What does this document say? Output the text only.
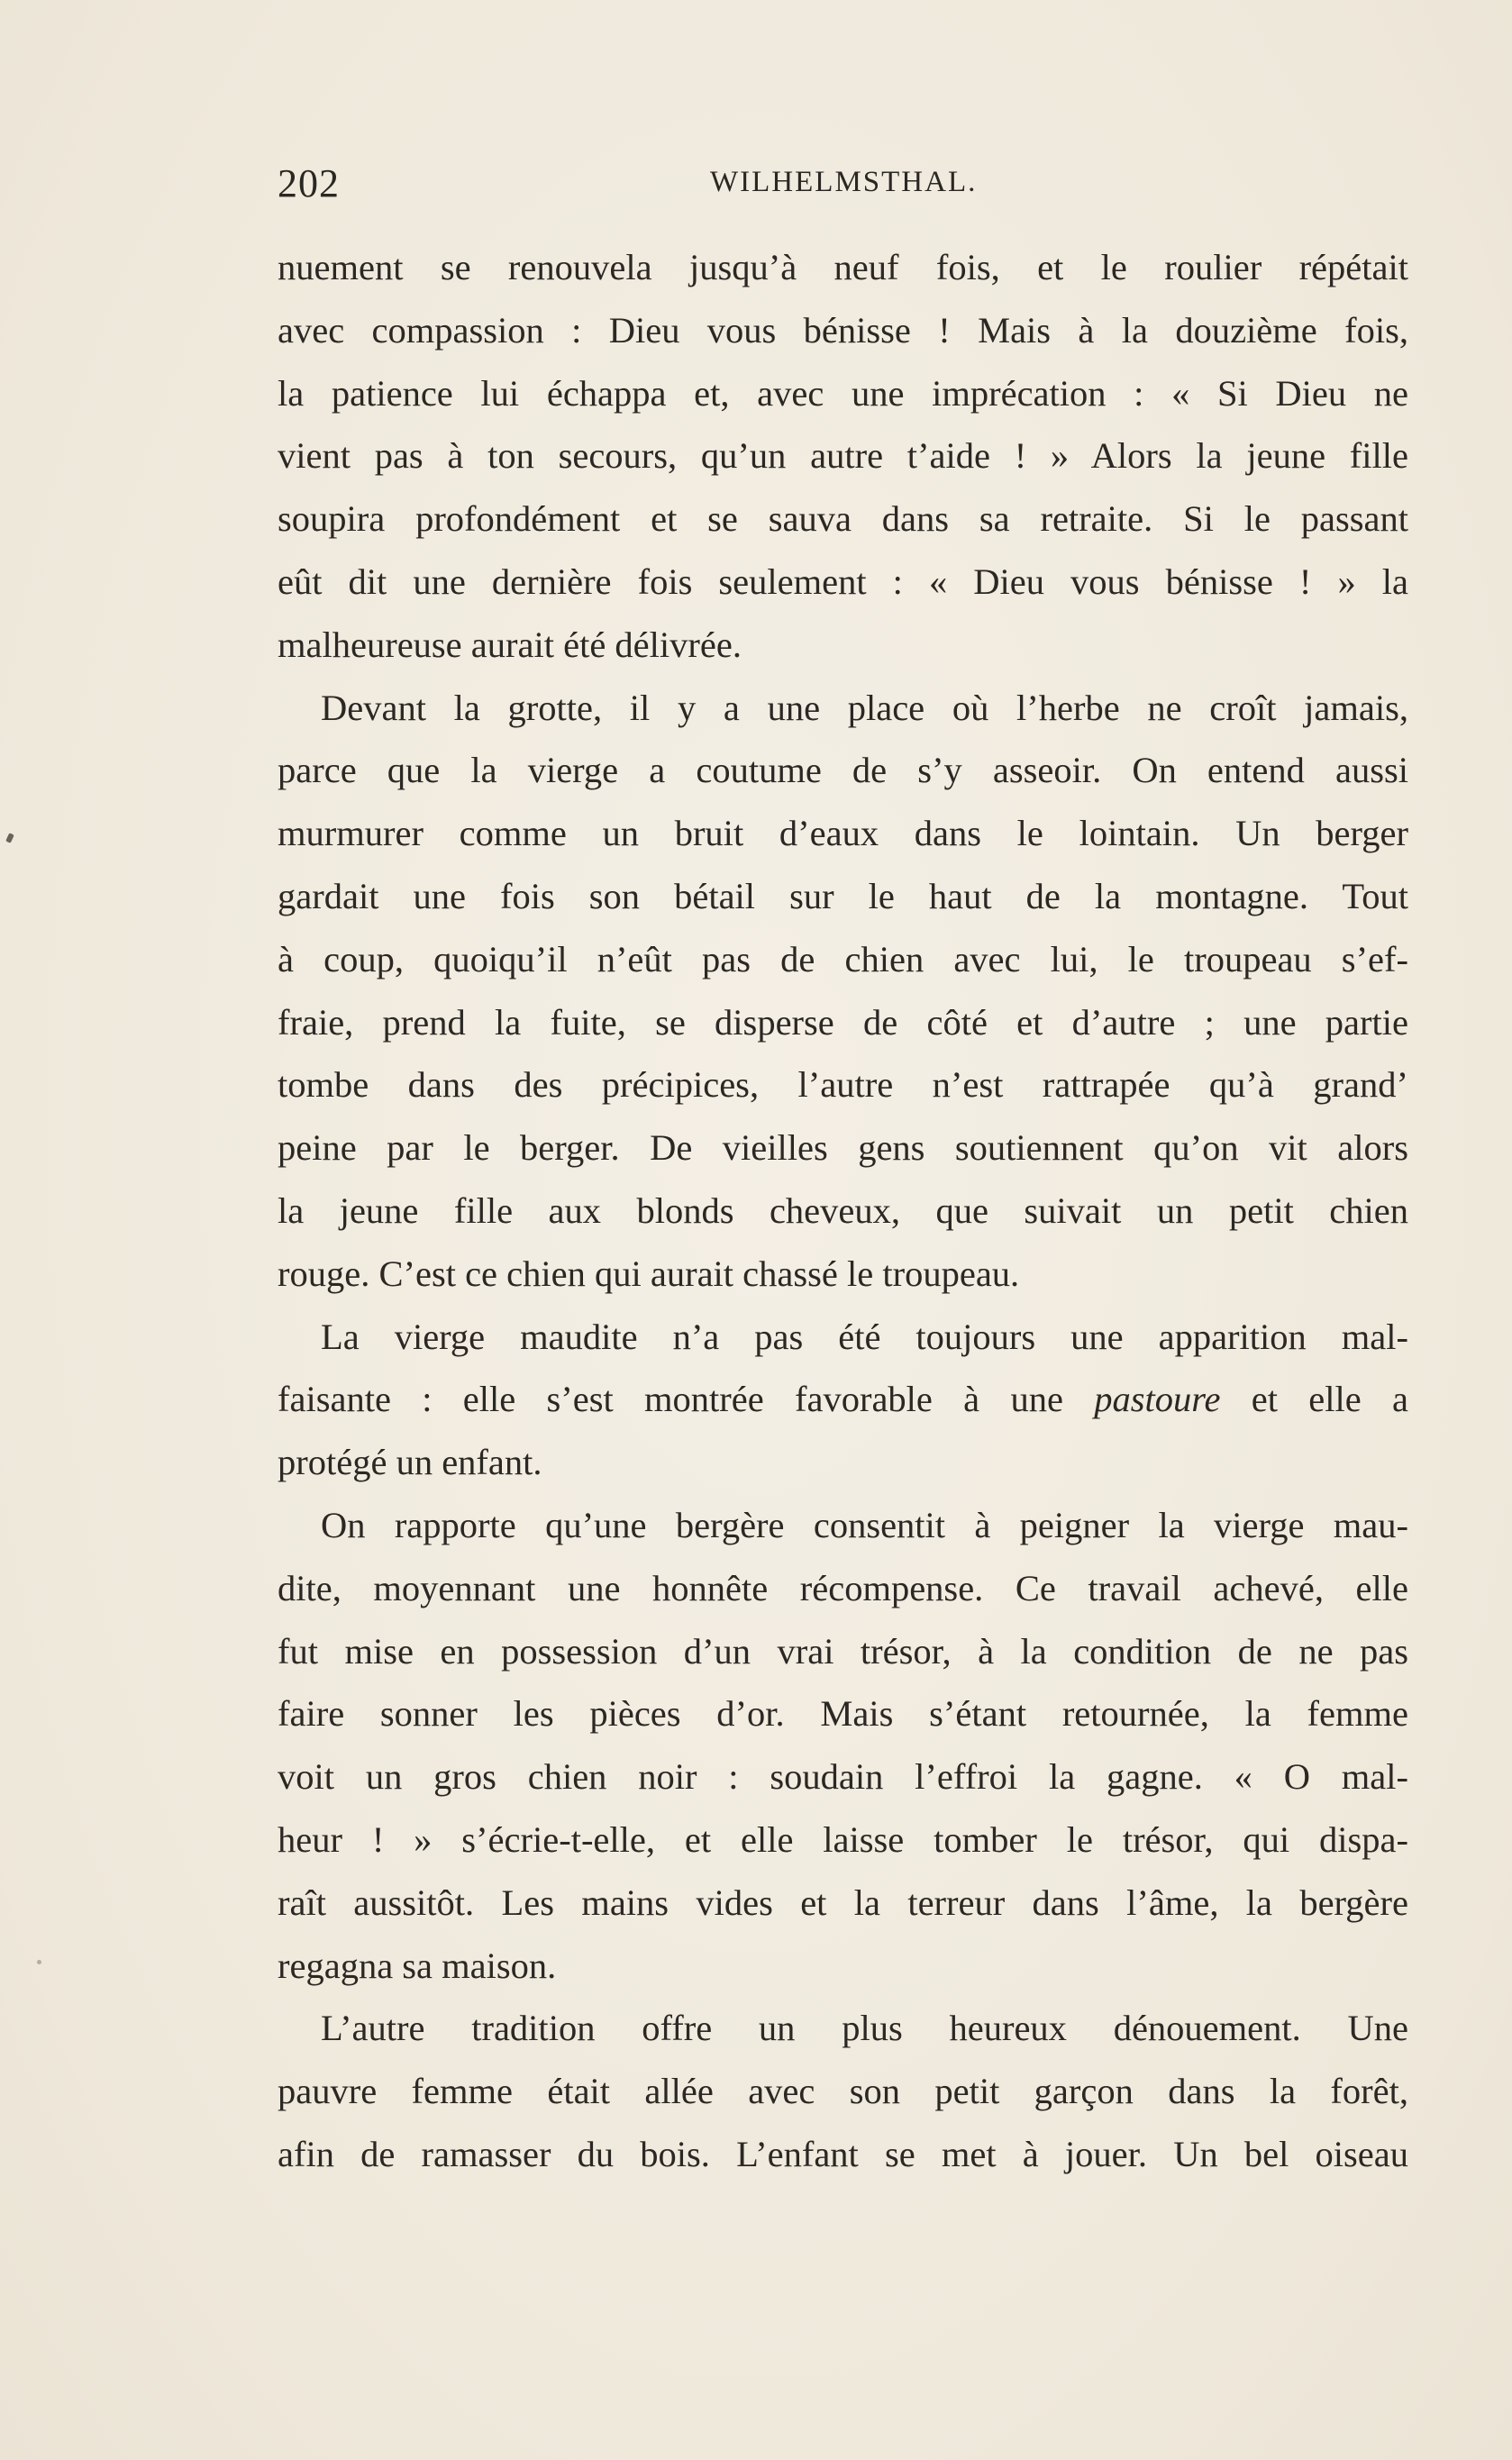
202	WILHELMSTHAL.
nuement se renouvela jusqu’à neuf fois, et le roulier répétait
avec compassion : Dieu vous bénisse ! Mais à la douzième fois,
la patience lui échappa et, avec une imprécation : « Si Dieu ne
vient pas à ton secours, qu’un autre t’aide ! » Alors la jeune fille
soupira profondément et se sauva dans sa retraite. Si le passant
eût dit une dernière fois seulement : « Dieu vous bénisse ! » la
malheureuse aurait été délivrée.
Devant la grotte, il y a une place où l’herbe ne croît jamais,
parce que la vierge a coutume de s’y asseoir. On entend aussi
murmurer comme un bruit d’eaux dans le lointain. Un berger
gardait une fois son bétail sur le haut de la montagne. Tout
à coup, quoiqu’il n’eût pas de chien avec lui, le troupeau s’ef-
fraie, prend la fuite, se disperse de côté et d’autre ; une partie
tombe dans des précipices, l’autre n’est rattrapée qu’à grand’
peine par le berger. De vieilles gens soutiennent qu’on vit alors
la jeune fille aux blonds cheveux, que suivait un petit chien
rouge. C’est ce chien qui aurait chassé le troupeau.
La vierge maudite n’a pas été toujours une apparition mal-
faisante : elle s’est montrée favorable à une pastoure et elle a
protégé un enfant.
On rapporte qu’une bergère consentit à peigner la vierge mau-
dite, moyennant une honnête récompense. Ce travail achevé, elle
fut mise en possession d’un vrai trésor, à la condition de ne pas
faire sonner les pièces d’or. Mais s’étant retournée, la femme
voit un gros chien noir : soudain l’effroi la gagne. « O mal-
heur ! » s’écrie-t-elle, et elle laisse tomber le trésor, qui dispa-
raît aussitôt. Les mains vides et la terreur dans l’âme, la bergère
regagna sa maison.
L’autre tradition offre un plus heureux dénouement. Une
pauvre femme était allée avec son petit garçon dans la forêt,
afin de ramasser du bois. L’enfant se met à jouer. Un bel oiseau
